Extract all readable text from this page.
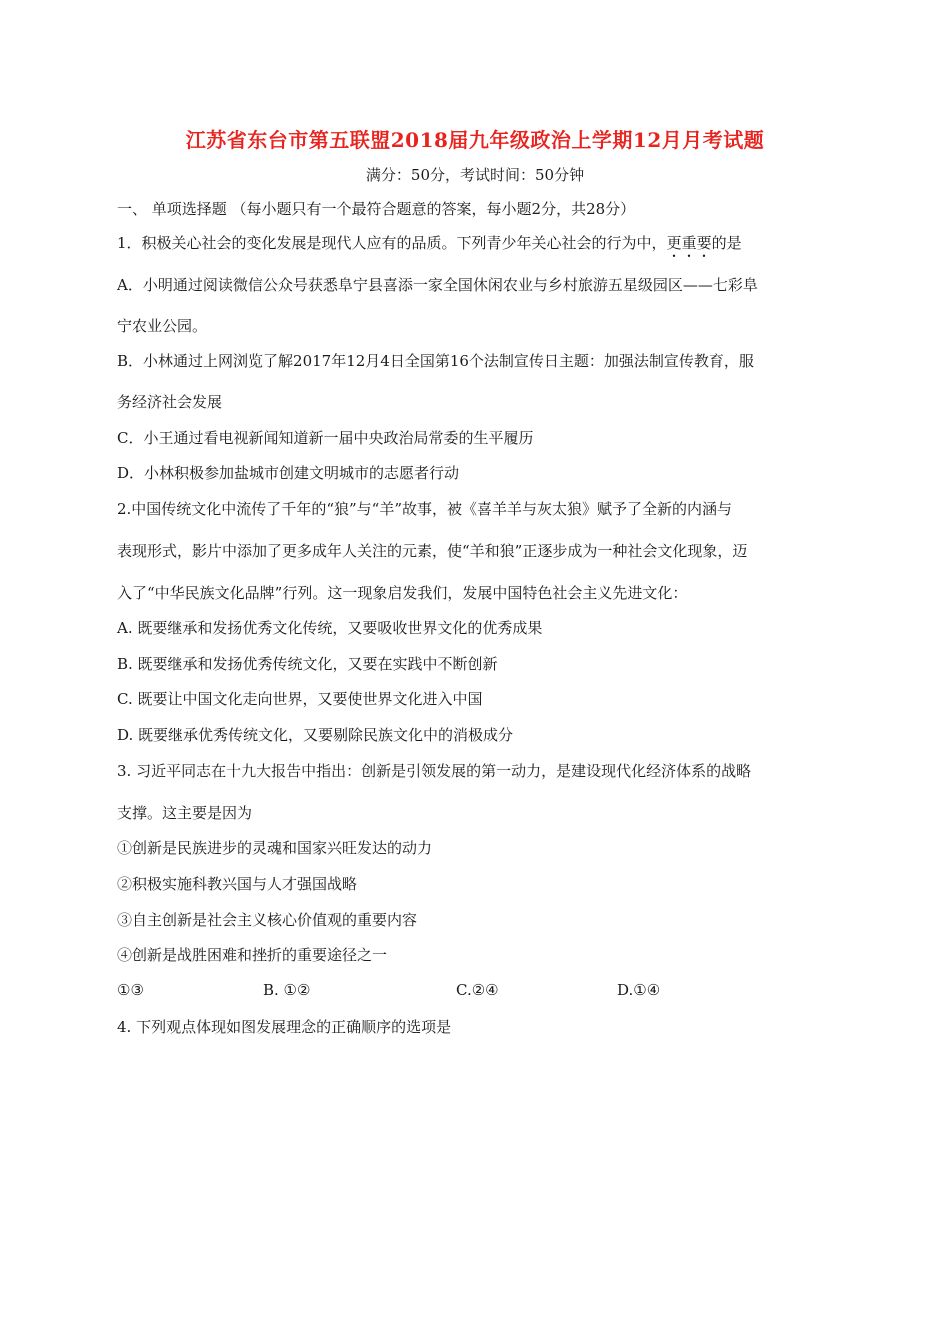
江苏省东台市第五联盟2018届九年级政治上学期12月月考试题
满分：50分，考试时间：50分钟
一、 单项选择题 （每小题只有一个最符合题意的答案，每小题2分，共28分）
1．积极关心社会的变化发展是现代人应有的品质。下列青少年关心社会的行为中，更重要的是
A．小明通过阅读微信公众号获悉阜宁县喜添一家全国休闲农业与乡村旅游五星级园区——七彩阜
宁农业公园。
B．小林通过上网浏览了解2017年12月4日全国第16个法制宣传日主题：加强法制宣传教育，服
务经济社会发展
C．小王通过看电视新闻知道新一届中央政治局常委的生平履历
D．小林积极参加盐城市创建文明城市的志愿者行动
2.中国传统文化中流传了千年的“狼”与“羊”故事，被《喜羊羊与灰太狼》赋予了全新的内涵与
表现形式，影片中添加了更多成年人关注的元素，使“羊和狼”正逐步成为一种社会文化现象，迈
入了“中华民族文化品牌”行列。这一现象启发我们，发展中国特色社会主义先进文化：
A. 既要继承和发扬优秀文化传统，又要吸收世界文化的优秀成果
B. 既要继承和发扬优秀传统文化，又要在实践中不断创新
C. 既要让中国文化走向世界，又要使世界文化进入中国
D. 既要继承优秀传统文化，又要剔除民族文化中的消极成分
3. 习近平同志在十九大报告中指出：创新是引领发展的第一动力，是建设现代化经济体系的战略
支撑。这主要是因为
①创新是民族进步的灵魂和国家兴旺发达的动力
②积极实施科教兴国与人才强国战略
③自主创新是社会主义核心价值观的重要内容
④创新是战胜困难和挫折的重要途径之一
①③	B. ①②	C.②④	D.①④
4. 下列观点体现如图发展理念的正确顺序的选项是
